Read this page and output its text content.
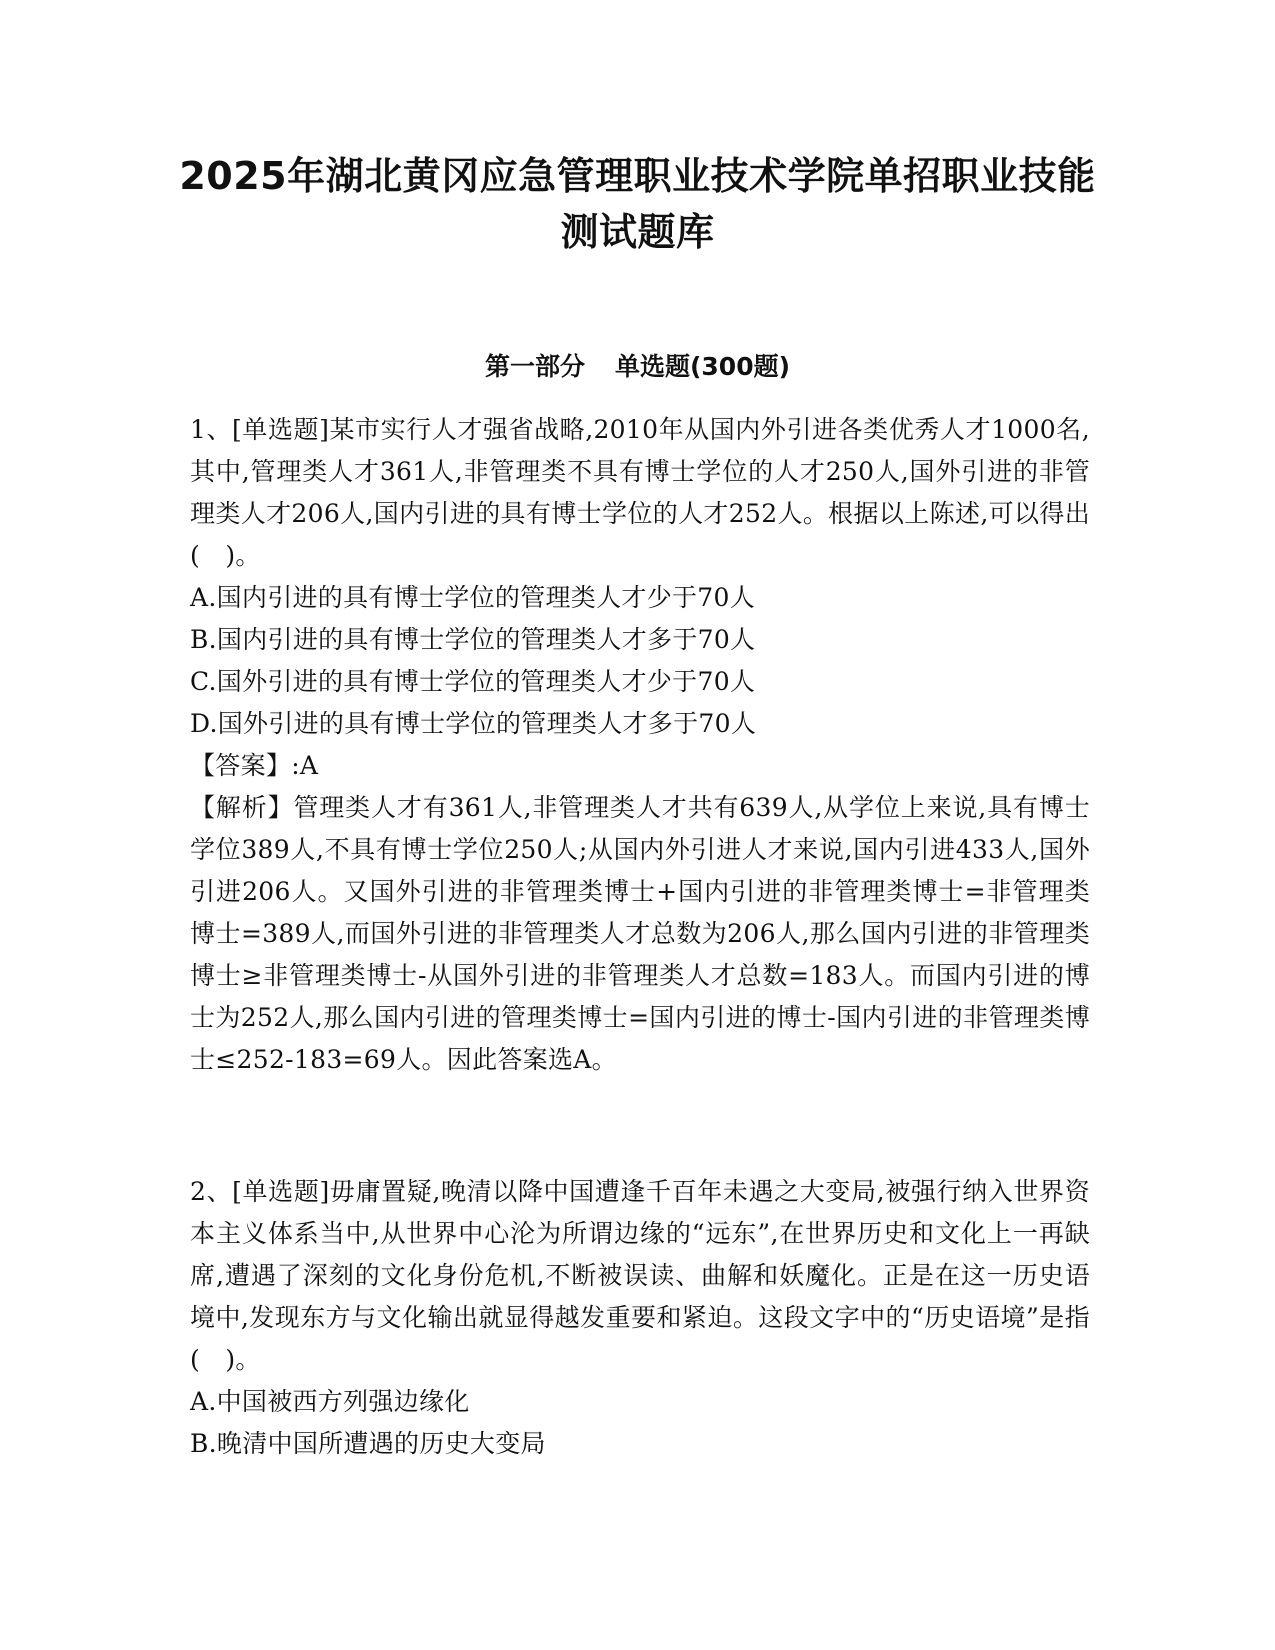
2025年湖北黄冈应急管理职业技术学院单招职业技能
测试题库
第一部分 单选题(300题)

1、[单选题]某市实行人才强省战略,2010年从国内外引进各类优秀人才1000名,其中,管理类人才361人,非管理类不具有博士学位的人才250人,国外引进的非管理类人才206人,国内引进的具有博士学位的人才252人。根据以上陈述,可以得出(　)。

A.国内引进的具有博士学位的管理类人才少于70人

B.国内引进的具有博士学位的管理类人才多于70人

C.国外引进的具有博士学位的管理类人才少于70人

D.国外引进的具有博士学位的管理类人才多于70人

【答案】:A

【解析】管理类人才有361人,非管理类人才共有639人,从学位上来说,具有博士学位389人,不具有博士学位250人;从国内外引进人才来说,国内引进433人,国外引进206人。又国外引进的非管理类博士+国内引进的非管理类博士=非管理类博士=389人,而国外引进的非管理类人才总数为206人,那么国内引进的非管理类博士≥非管理类博士-从国外引进的非管理类人才总数=183人。而国内引进的博士为252人,那么国内引进的管理类博士=国内引进的博士-国内引进的非管理类博士≤252-183=69人。因此答案选A。

2、[单选题]毋庸置疑,晚清以降中国遭逢千百年未遇之大变局,被强行纳入世界资本主义体系当中,从世界中心沦为所谓边缘的“远东”,在世界历史和文化上一再缺席,遭遇了深刻的文化身份危机,不断被误读、曲解和妖魔化。正是在这一历史语境中,发现东方与文化输出就显得越发重要和紧迫。这段文字中的“历史语境”是指(　)。

A.中国被西方列强边缘化

B.晚清中国所遭遇的历史大变局
